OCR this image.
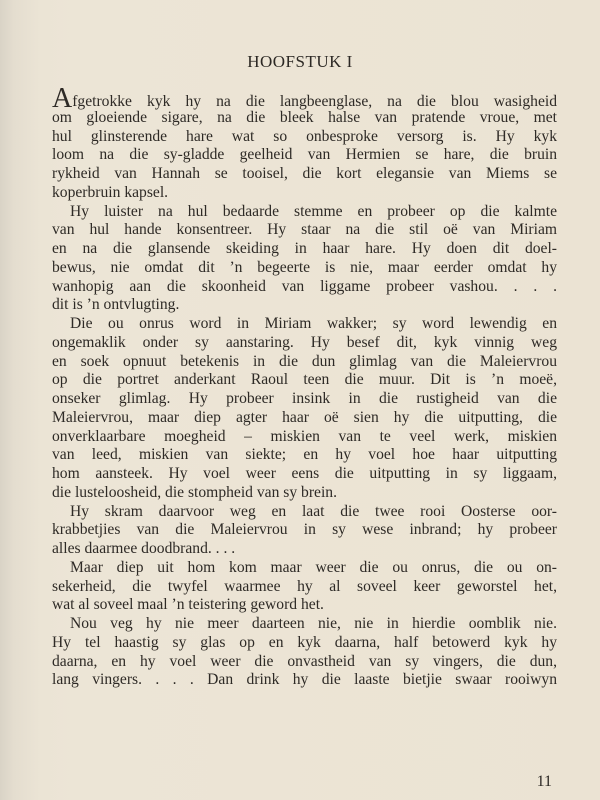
HOOFSTUK I
Afgetrokke kyk hy na die langbeenglase, na die blou wasigheid
om gloeiende sigare, na die bleek halse van pratende vroue, met
hul glinsterende hare wat so onbesproke versorg is. Hy kyk
loom na die sy-gladde geelheid van Hermien se hare, die bruin
rykheid van Hannah se tooisel, die kort elegansie van Miems se
koperbruin kapsel.
Hy luister na hul bedaarde stemme en probeer op die kalmte
van hul hande konsentreer. Hy staar na die stil oë van Miriam
en na die glansende skeiding in haar hare. Hy doen dit doel-
bewus, nie omdat dit ’n begeerte is nie, maar eerder omdat hy
wanhopig aan die skoonheid van liggame probeer vashou. . . .
dit is ’n ontvlugting.
Die ou onrus word in Miriam wakker; sy word lewendig en
ongemaklik onder sy aanstaring. Hy besef dit, kyk vinnig weg
en soek opnuut betekenis in die dun glimlag van die Maleiervrou
op die portret anderkant Raoul teen die muur. Dit is ’n moeë,
onseker glimlag. Hy probeer insink in die rustigheid van die
Maleiervrou, maar diep agter haar oë sien hy die uitputting, die
onverklaarbare moegheid – miskien van te veel werk, miskien
van leed, miskien van siekte; en hy voel hoe haar uitputting
hom aansteek. Hy voel weer eens die uitputting in sy liggaam,
die lusteloosheid, die stompheid van sy brein.
Hy skram daarvoor weg en laat die twee rooi Oosterse oor-
krabbetjies van die Maleiervrou in sy wese inbrand; hy probeer
alles daarmee doodbrand. . . .
Maar diep uit hom kom maar weer die ou onrus, die ou on-
sekerheid, die twyfel waarmee hy al soveel keer geworstel het,
wat al soveel maal ’n teistering geword het.
Nou veg hy nie meer daarteen nie, nie in hierdie oomblik nie.
Hy tel haastig sy glas op en kyk daarna, half betowerd kyk hy
daarna, en hy voel weer die onvastheid van sy vingers, die dun,
lang vingers. . . . Dan drink hy die laaste bietjie swaar rooiwyn
11
